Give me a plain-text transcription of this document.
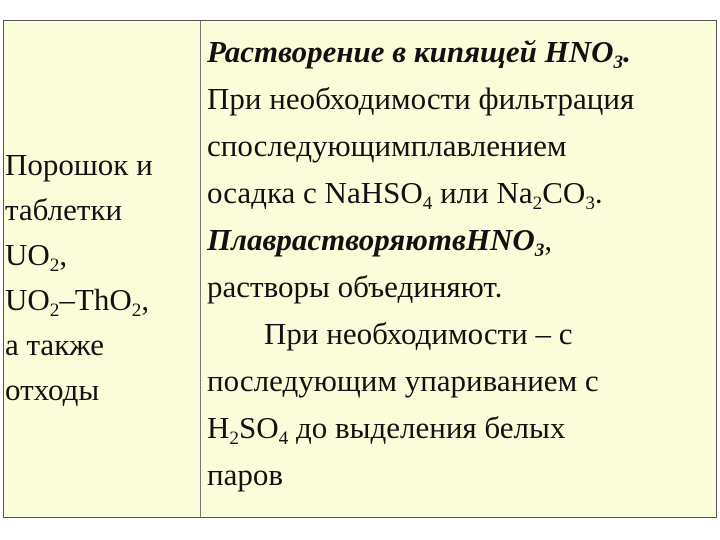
Порошок и
таблетки
$UO_2$,
$UO_2-ThO_2$,
а также
отходы
Растворение в кипящей $HNO_3$.
При необходимости фильтрация
споследующимплавлением
осадка с NaHSO$_4$ или $Na_2CO_3$.
ПлаврастворяютвHNO$_3$,
растворы объединяют.
При необходимости – с
последующим упариванием с
$H_2SO_4$ до выделения белых
паров
